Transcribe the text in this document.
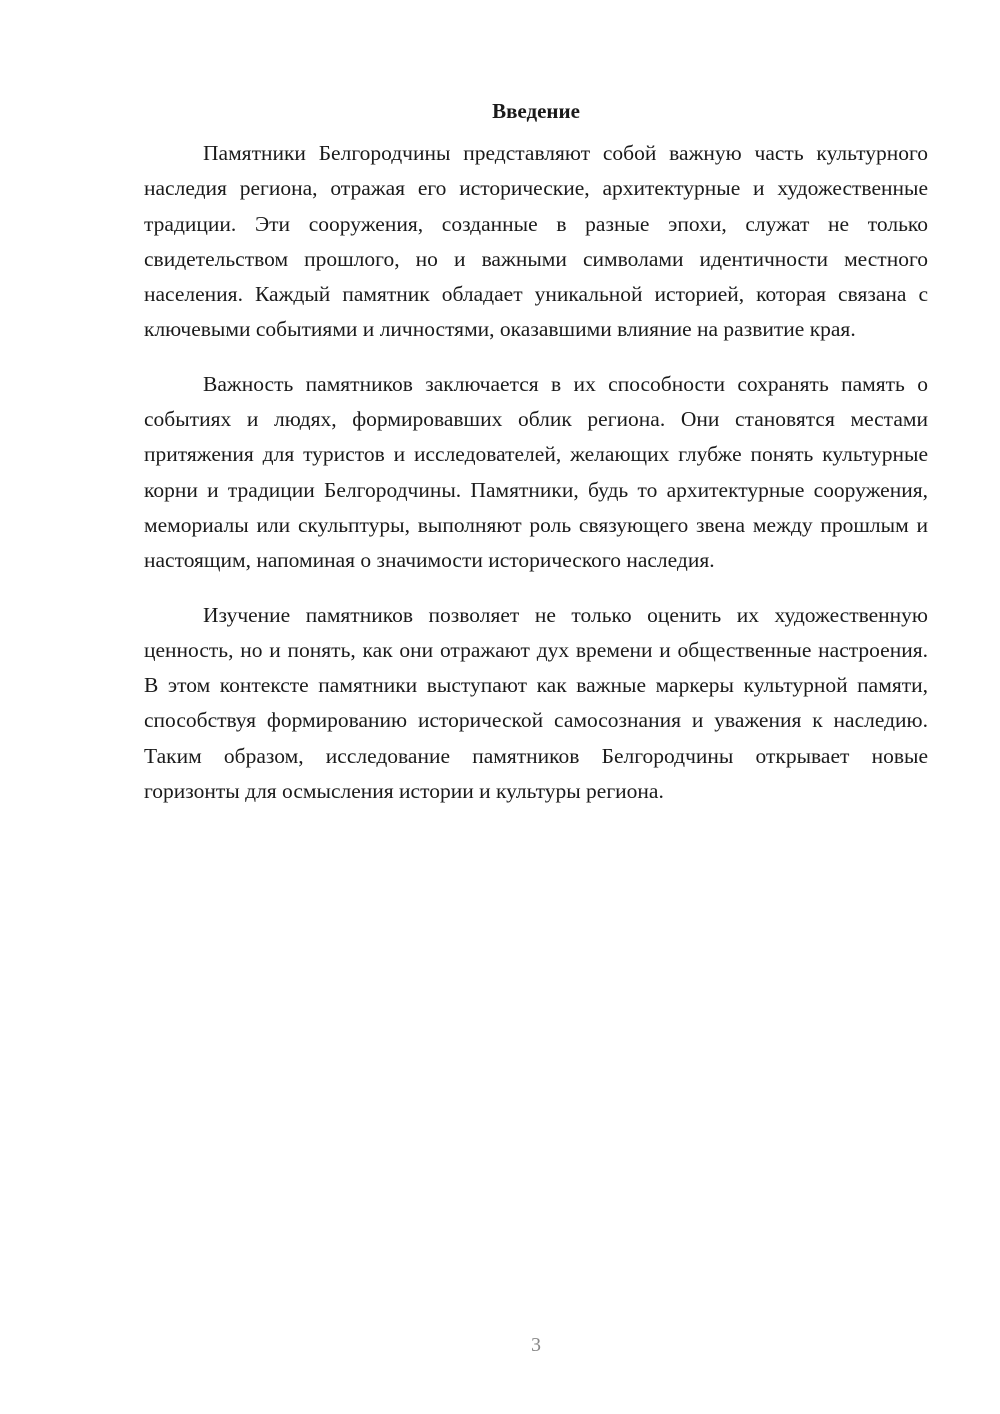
Введение

Памятники Белгородчины представляют собой важную часть культурного наследия региона, отражая его исторические, архитектурные и художественные традиции. Эти сооружения, созданные в разные эпохи, служат не только свидетельством прошлого, но и важными символами идентичности местного населения. Каждый памятник обладает уникальной историей, которая связана с ключевыми событиями и личностями, оказавшими влияние на развитие края.

Важность памятников заключается в их способности сохранять память о событиях и людях, формировавших облик региона. Они становятся местами притяжения для туристов и исследователей, желающих глубже понять культурные корни и традиции Белгородчины. Памятники, будь то архитектурные сооружения, мемориалы или скульптуры, выполняют роль связующего звена между прошлым и настоящим, напоминая о значимости исторического наследия.

Изучение памятников позволяет не только оценить их художественную ценность, но и понять, как они отражают дух времени и общественные настроения. В этом контексте памятники выступают как важные маркеры культурной памяти, способствуя формированию исторической самосознания и уважения к наследию. Таким образом, исследование памятников Белгородчины открывает новые горизонты для осмысления истории и культуры региона.

3
